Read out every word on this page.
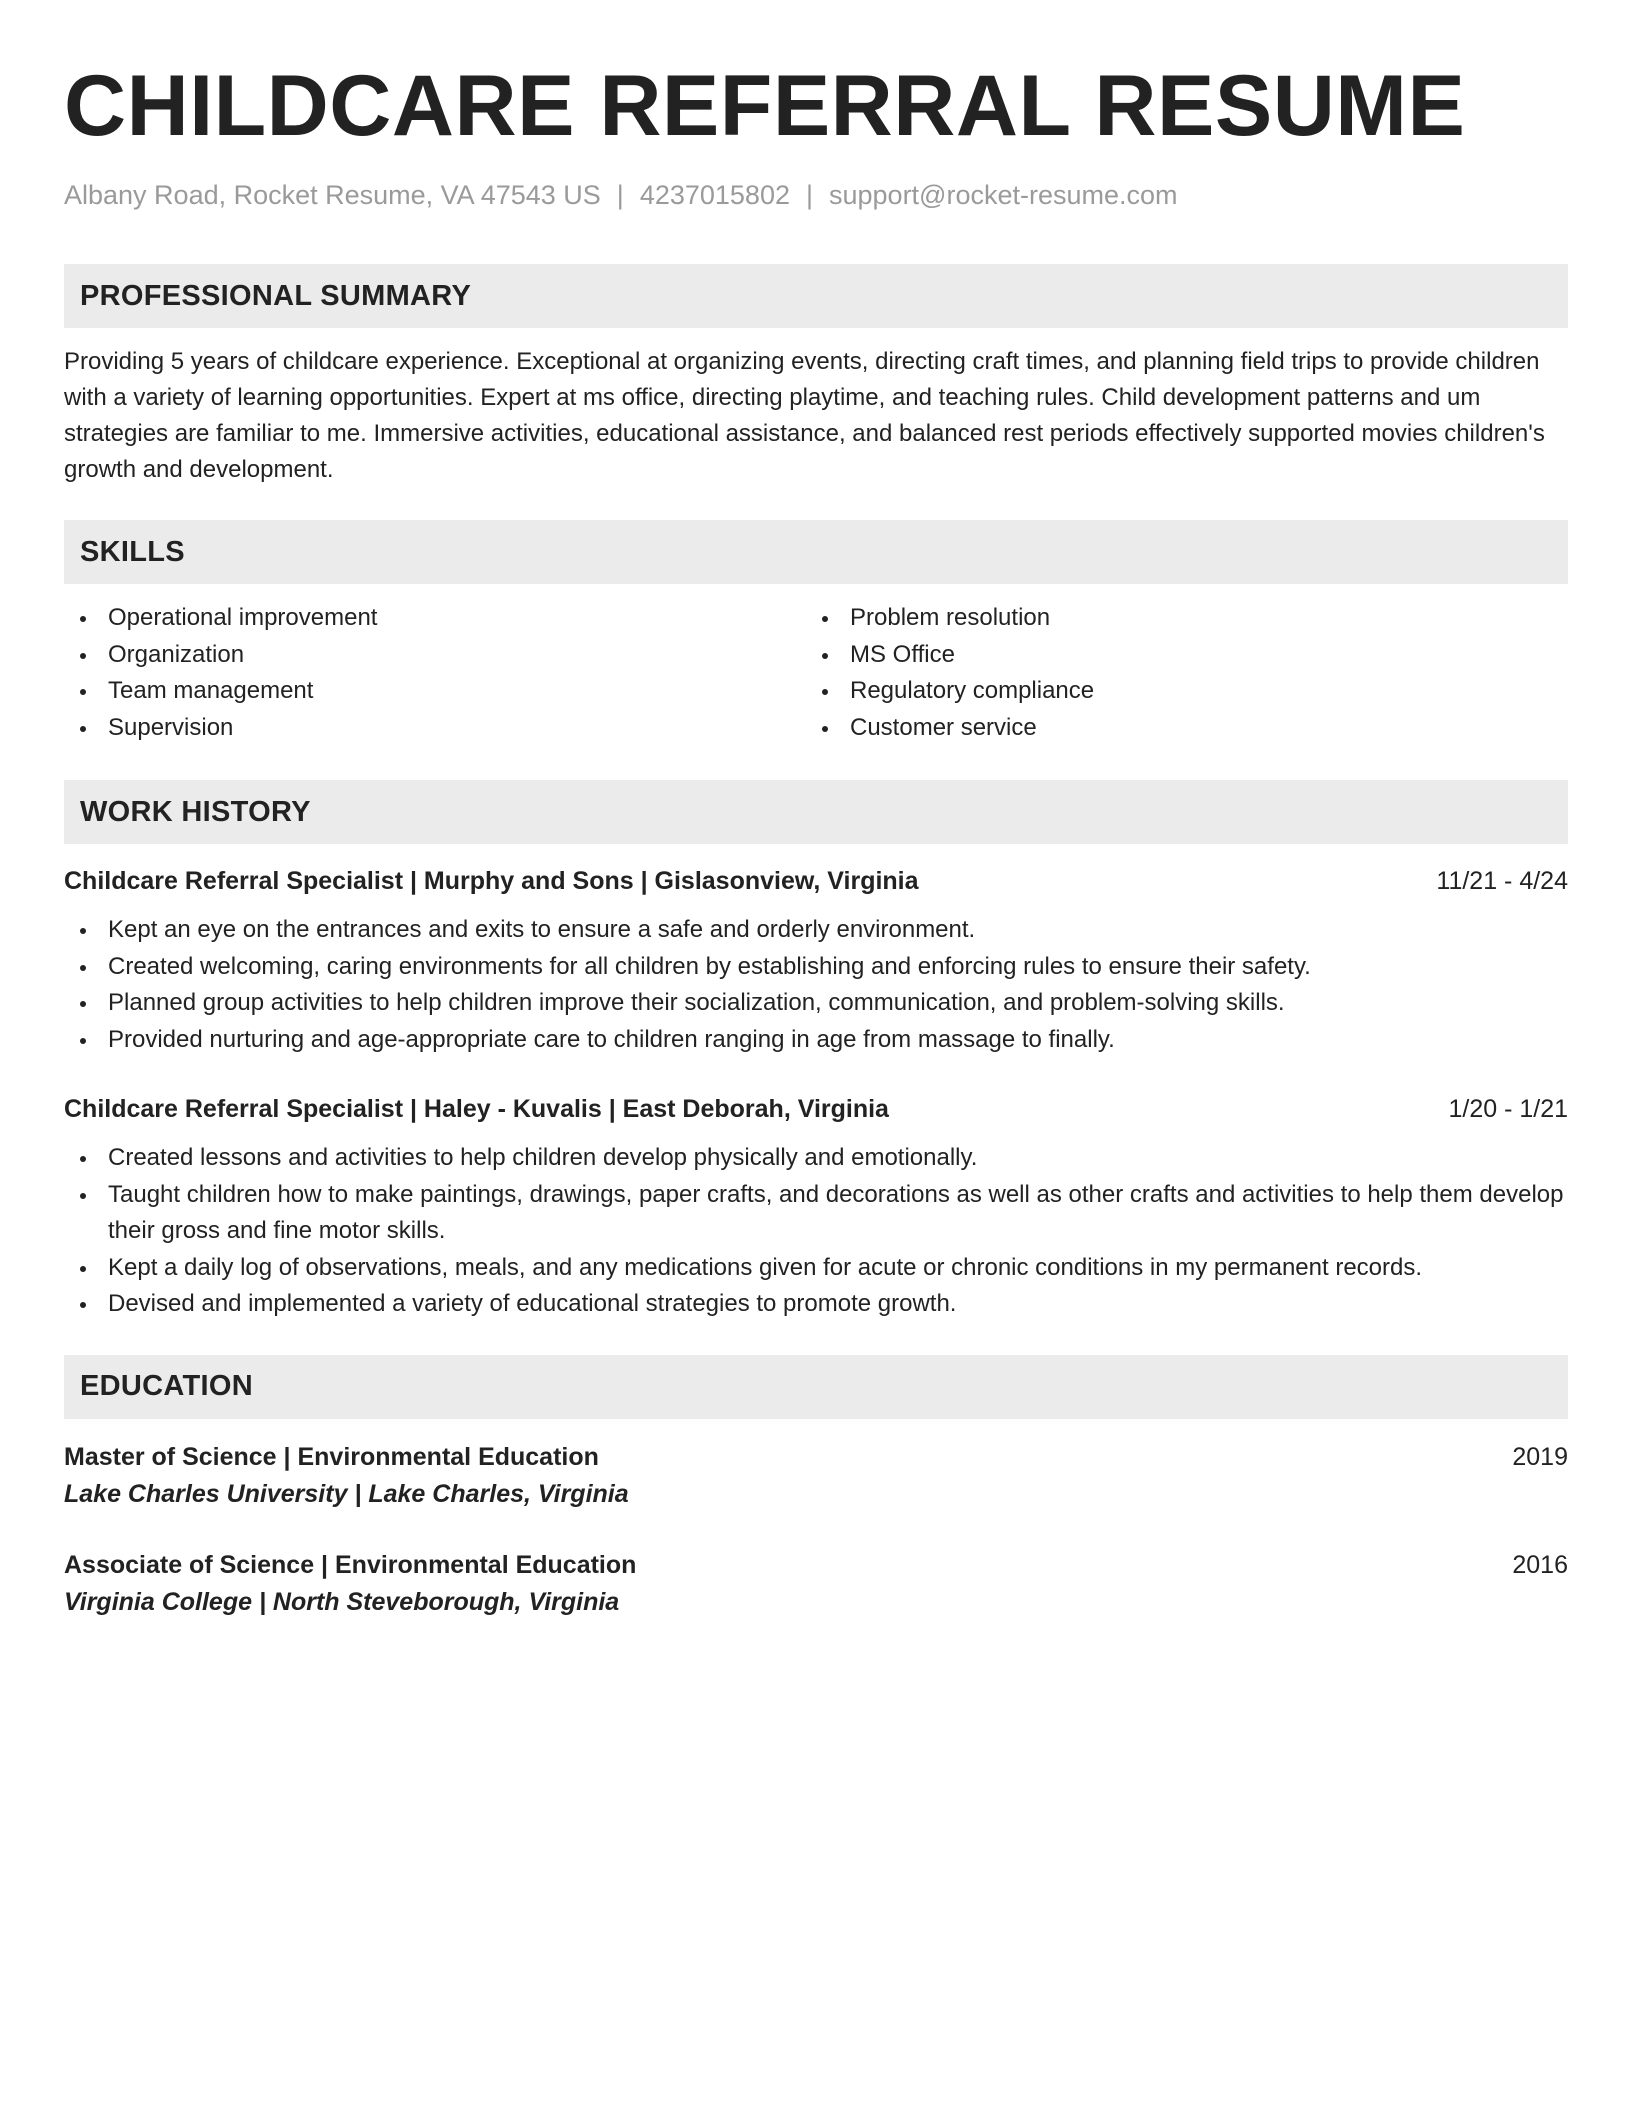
CHILDCARE REFERRAL RESUME
Albany Road, Rocket Resume, VA 47543 US | 4237015802 | support@rocket-resume.com
PROFESSIONAL SUMMARY

Providing 5 years of childcare experience. Exceptional at organizing events, directing craft times, and planning field trips to provide children with a variety of learning opportunities. Expert at ms office, directing playtime, and teaching rules. Child development patterns and um strategies are familiar to me. Immersive activities, educational assistance, and balanced rest periods effectively supported movies children's growth and development.

SKILLS
Operational improvement
Organization
Team management
Supervision
Problem resolution
MS Office
Regulatory compliance
Customer service
WORK HISTORY
Childcare Referral Specialist | Murphy and Sons | Gislasonview, Virginia	11/21 - 4/24
Kept an eye on the entrances and exits to ensure a safe and orderly environment.
Created welcoming, caring environments for all children by establishing and enforcing rules to ensure their safety.
Planned group activities to help children improve their socialization, communication, and problem-solving skills.
Provided nurturing and age-appropriate care to children ranging in age from massage to finally.
Childcare Referral Specialist | Haley - Kuvalis | East Deborah, Virginia	1/20 - 1/21
Created lessons and activities to help children develop physically and emotionally.
Taught children how to make paintings, drawings, paper crafts, and decorations as well as other crafts and activities to help them develop their gross and fine motor skills.
Kept a daily log of observations, meals, and any medications given for acute or chronic conditions in my permanent records.
Devised and implemented a variety of educational strategies to promote growth.
EDUCATION
Master of Science | Environmental Education	2019
Lake Charles University | Lake Charles, Virginia
Associate of Science | Environmental Education	2016
Virginia College | North Steveborough, Virginia
